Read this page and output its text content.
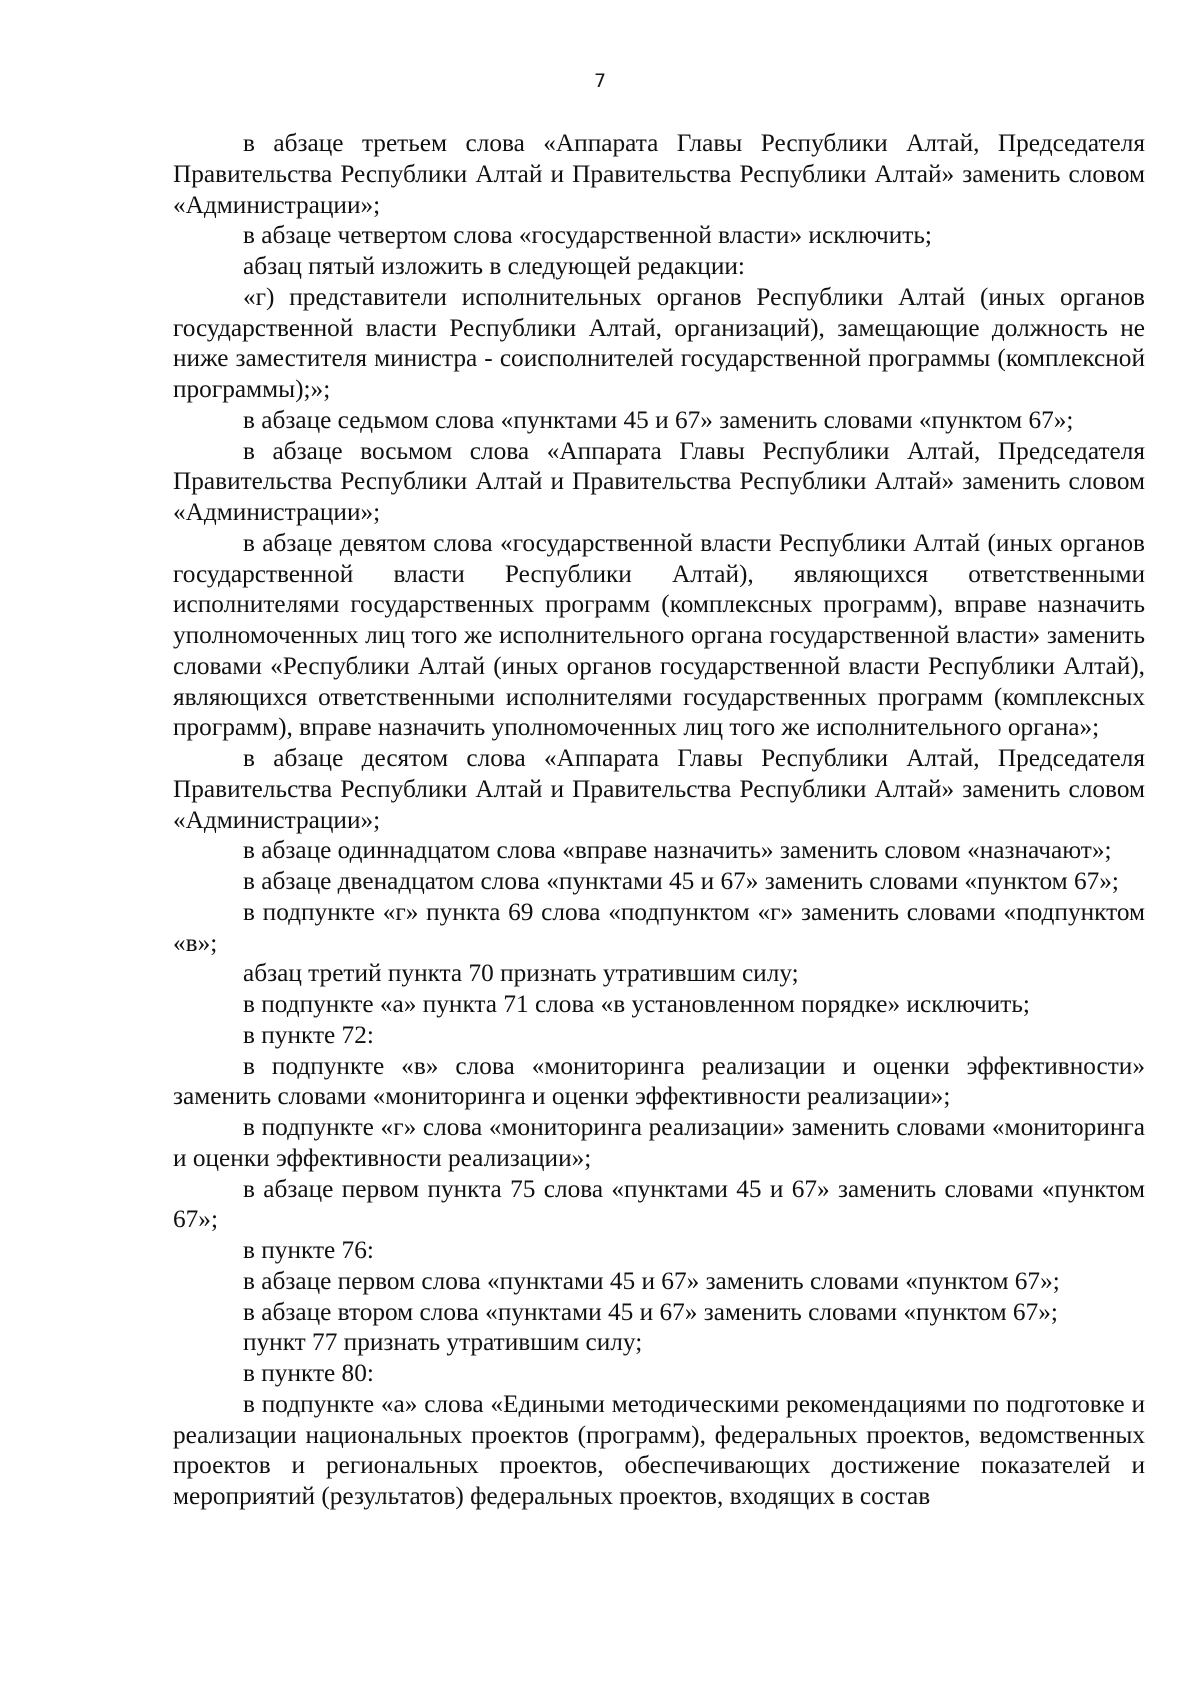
7

в абзаце третьем слова «Аппарата Главы Республики Алтай, Председателя Правительства Республики Алтай и Правительства Республики Алтай» заменить словом «Администрации»;

в абзаце четвертом слова «государственной власти» исключить;

абзац пятый изложить в следующей редакции:

«г) представители исполнительных органов Республики Алтай (иных органов государственной власти Республики Алтай, организаций), замещающие должность не ниже заместителя министра - соисполнителей государственной программы (комплексной программы);»;

в абзаце седьмом слова «пунктами 45 и 67» заменить словами «пунктом 67»;

в абзаце восьмом слова «Аппарата Главы Республики Алтай, Председателя Правительства Республики Алтай и Правительства Республики Алтай» заменить словом «Администрации»;

в абзаце девятом слова «государственной власти Республики Алтай (иных органов государственной власти Республики Алтай), являющихся ответственными исполнителями государственных программ (комплексных программ), вправе назначить уполномоченных лиц того же исполнительного органа государственной власти» заменить словами «Республики Алтай (иных органов государственной власти Республики Алтай), являющихся ответственными исполнителями государственных программ (комплексных программ), вправе назначить уполномоченных лиц того же исполнительного органа»;

в абзаце десятом слова «Аппарата Главы Республики Алтай, Председателя Правительства Республики Алтай и Правительства Республики Алтай» заменить словом «Администрации»;

в абзаце одиннадцатом слова «вправе назначить» заменить словом «назначают»;

в абзаце двенадцатом слова «пунктами 45 и 67» заменить словами «пунктом 67»;

в подпункте «г» пункта 69 слова «подпунктом «г» заменить словами «подпунктом «в»;

абзац третий пункта 70 признать утратившим силу;

в подпункте «а» пункта 71 слова «в установленном порядке» исключить;

в пункте 72:

в подпункте «в» слова «мониторинга реализации и оценки эффективности» заменить словами «мониторинга и оценки эффективности реализации»;

в подпункте «г» слова «мониторинга реализации» заменить словами «мониторинга и оценки эффективности реализации»;

в абзаце первом пункта 75 слова «пунктами 45 и 67» заменить словами «пунктом 67»;

в пункте 76:

в абзаце первом слова «пунктами 45 и 67» заменить словами «пунктом 67»;

в абзаце втором слова «пунктами 45 и 67» заменить словами «пунктом 67»;

пункт 77 признать утратившим силу;

в пункте 80:

в подпункте «а» слова «Едиными методическими рекомендациями по подготовке и реализации национальных проектов (программ), федеральных проектов, ведомственных проектов и региональных проектов, обеспечивающих достижение показателей и мероприятий (результатов) федеральных проектов, входящих в состав
